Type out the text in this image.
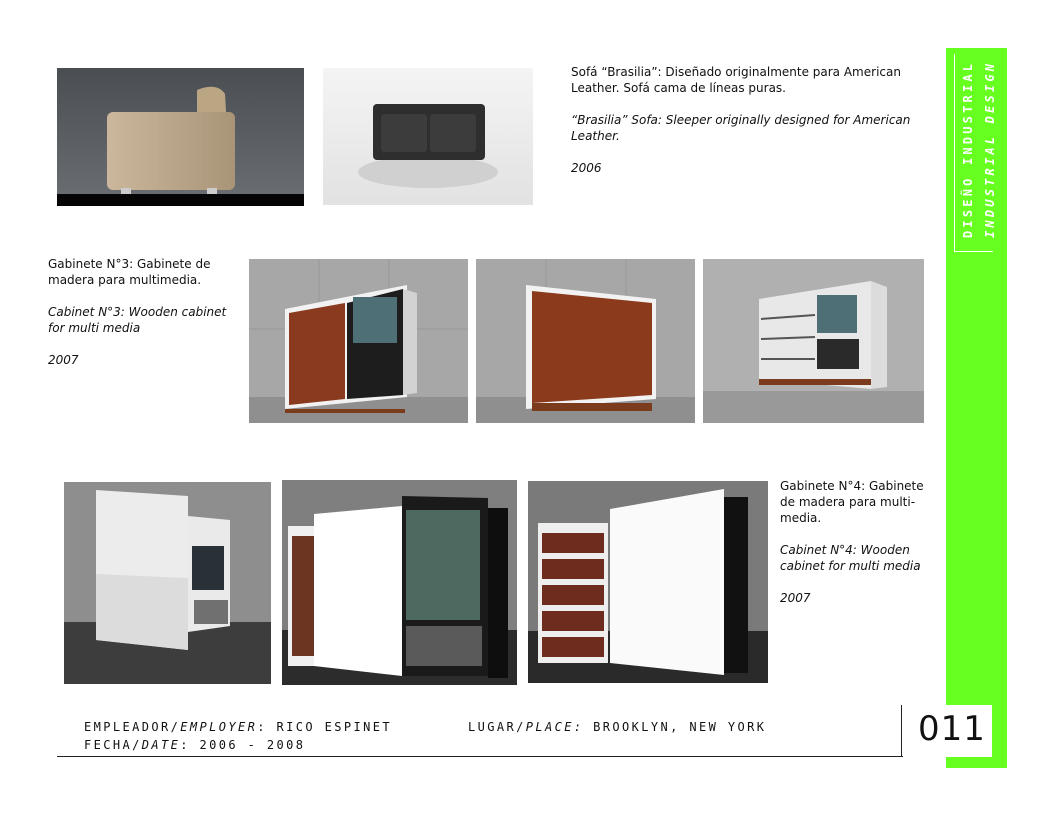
Sofá “Brasilia”: Diseñado originalmente para American Leather. Sofá cama de líneas puras.

“Brasilia” Sofa: Sleeper originally designed for American Leather.

2006

Gabinete N°3: Gabinete de madera para multimedia.

Cabinet N°3: Wooden cabinet for multi media

2007

Gabinete N°4: Gabinete de madera para multi-media.

Cabinet N°4: Wooden cabinet for multi media

2007

DISEÑO INDUSTRIAL INDUSTRIAL DESIGN
011
EMPLEADOR/EMPLOYER: RICO ESPINET	LUGAR/PLACE: BROOKLYN, NEW YORK
FECHA/DATE: 2006 - 2008
